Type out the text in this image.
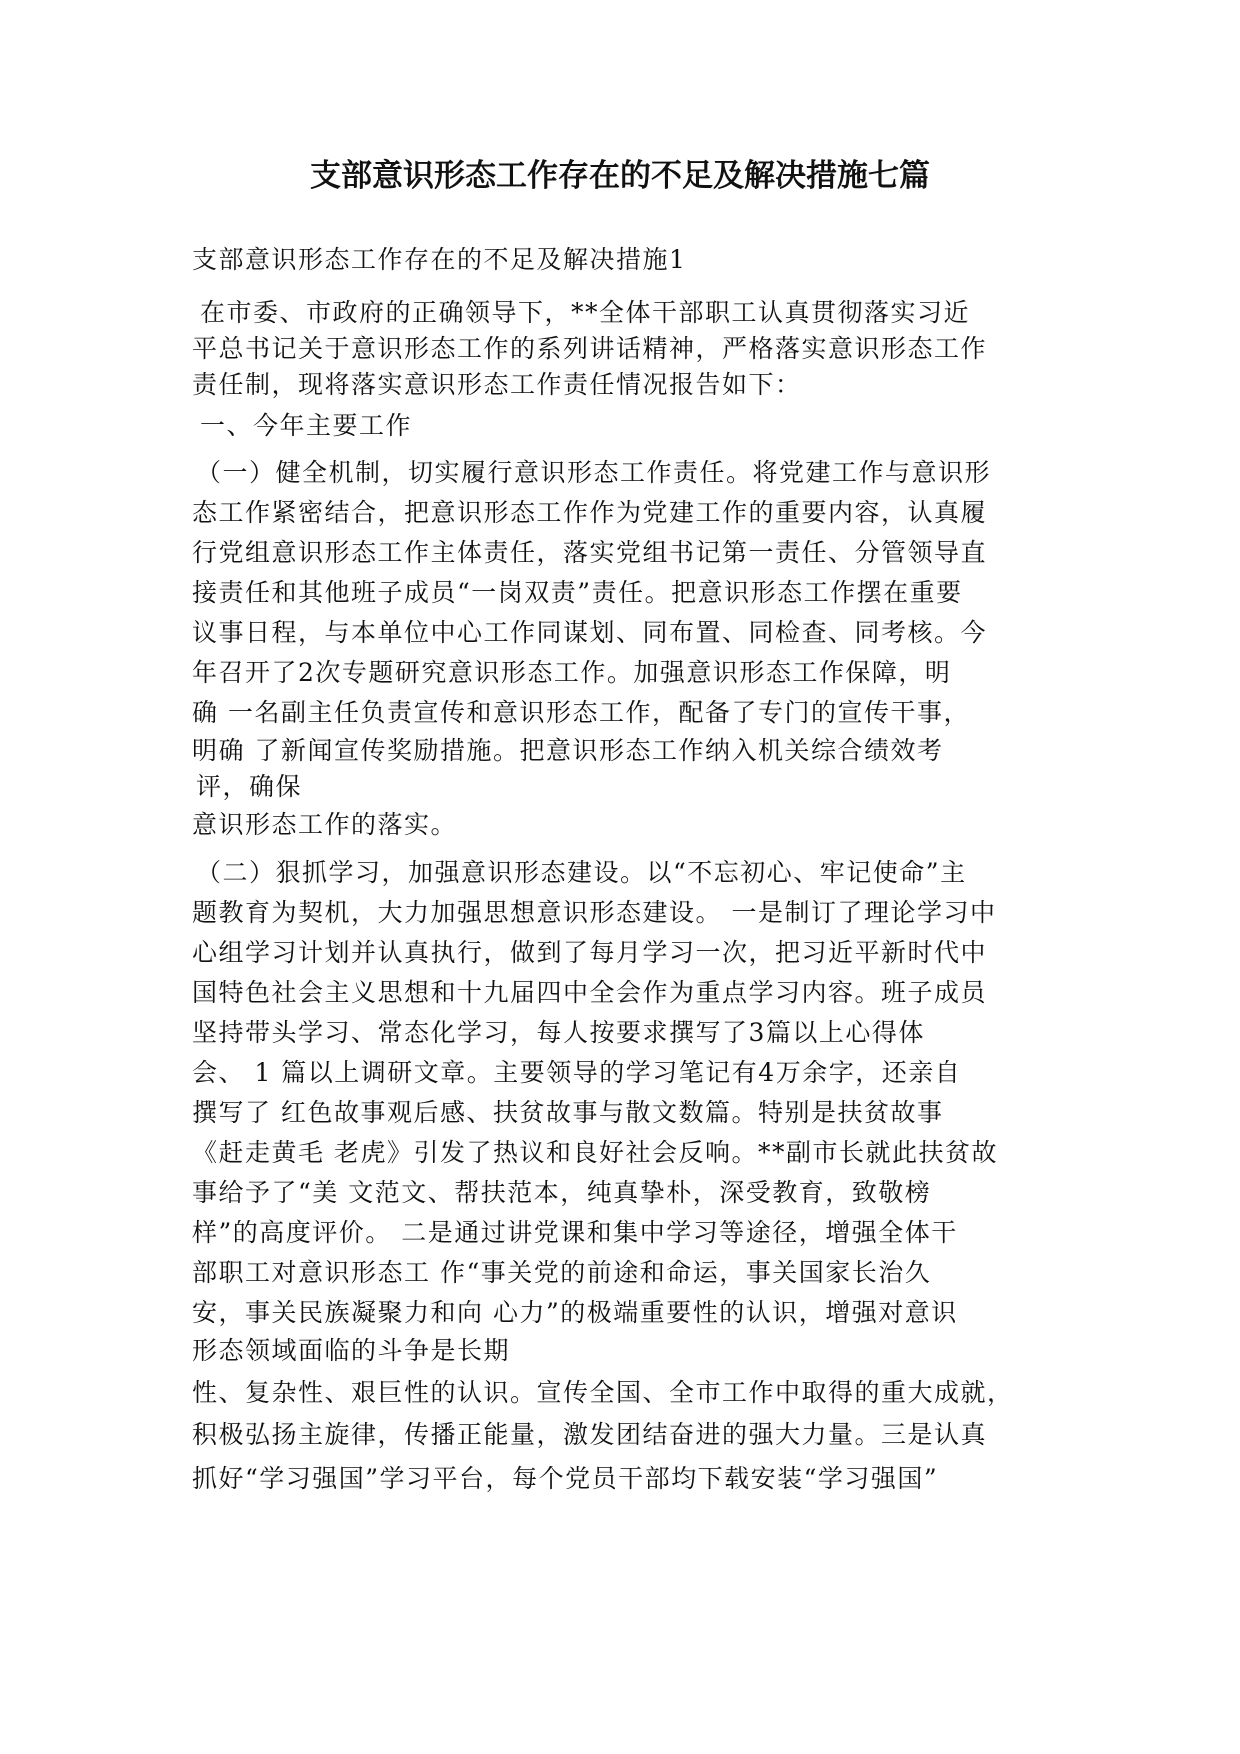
支部意识形态工作存在的不足及解决措施七篇
支部意识形态工作存在的不足及解决措施1
在市委、市政府的正确领导下，**全体干部职工认真贯彻落实习近
平总书记关于意识形态工作的系列讲话精神，严格落实意识形态工作
责任制，现将落实意识形态工作责任情况报告如下：
一、今年主要工作
（一）健全机制，切实履行意识形态工作责任。将党建工作与意识形
态工作紧密结合，把意识形态工作作为党建工作的重要内容，认真履
行党组意识形态工作主体责任，落实党组书记第一责任、分管领导直
接责任和其他班子成员“一岗双责”责任。把意识形态工作摆在重要
议事日程，与本单位中心工作同谋划、同布置、同检查、同考核。今
年召开了2次专题研究意识形态工作。加强意识形态工作保障，明
确 一名副主任负责宣传和意识形态工作，配备了专门的宣传干事，
明确 了新闻宣传奖励措施。把意识形态工作纳入机关综合绩效考
评，确保
意识形态工作的落实。
（二）狠抓学习，加强意识形态建设。以“不忘初心、牢记使命”主
题教育为契机，大力加强思想意识形态建设。 一是制订了理论学习中
心组学习计划并认真执行，做到了每月学习一次，把习近平新时代中
国特色社会主义思想和十九届四中全会作为重点学习内容。班子成员
坚持带头学习、常态化学习，每人按要求撰写了3篇以上心得体
会、 1 篇以上调研文章。主要领导的学习笔记有4万余字，还亲自
撰写了 红色故事观后感、扶贫故事与散文数篇。特别是扶贫故事
《赶走黄毛 老虎》引发了热议和良好社会反响。**副市长就此扶贫故
事给予了“美 文范文、帮扶范本，纯真挚朴，深受教育，致敬榜
样”的高度评价。 二是通过讲党课和集中学习等途径，增强全体干
部职工对意识形态工 作“事关党的前途和命运，事关国家长治久
安，事关民族凝聚力和向 心力”的极端重要性的认识，增强对意识
形态领域面临的斗争是长期
性、复杂性、艰巨性的认识。宣传全国、全市工作中取得的重大成就，
积极弘扬主旋律，传播正能量，激发团结奋进的强大力量。三是认真
抓好“学习强国”学习平台，每个党员干部均下载安装“学习强国”
